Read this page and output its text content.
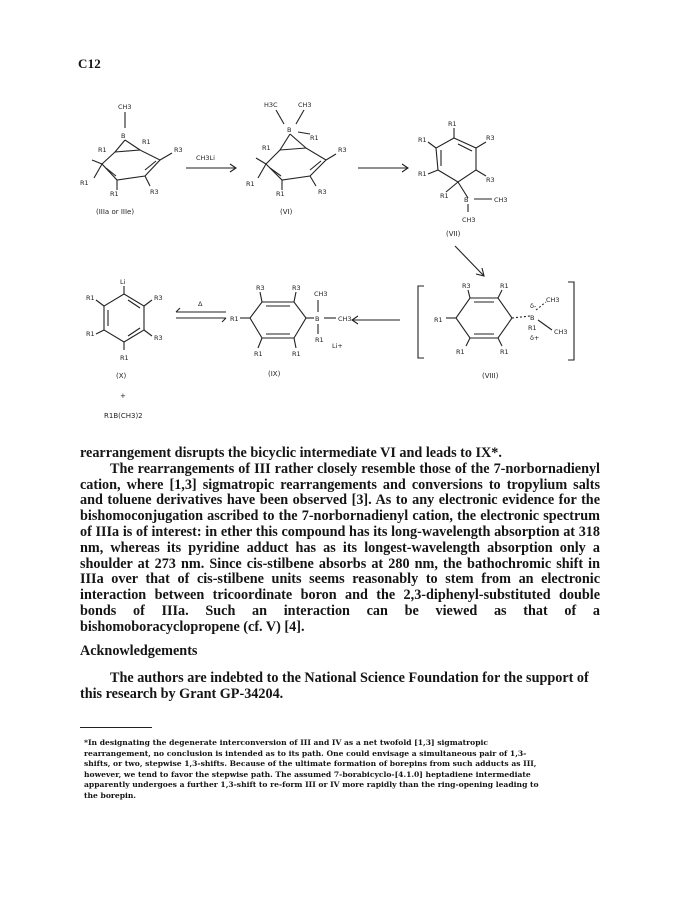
C12
CH3
B
R1
R1
R3
R1
R1	R3
(IIIa or IIIe)
CH3Li
H3C	CH3
B
R1
R1
R3
R1
R1	R3
(VI)
R1
R3
R1
R1
R3
R1 B	CH3
CH3
(VII)
Li
R1	R3
R1	R3
R1
(X)
+
R1B(CH3)2
Δ
R3	R3
R1
CH3
B	CH3
R1
Li+
R1	R1
(IX)
R3	R1
R1
δ-
CH3
B
R1	CH3
δ+
R1	R1
(VIII)

rearrangement disrupts the bicyclic intermediate VI and leads to IX*.

The rearrangements of III rather closely resemble those of the 7-norbornadienyl cation, where [1,3] sigmatropic rearrangements and conversions to tropylium salts and toluene derivatives have been observed [3]. As to any electronic evidence for the bishomoconjugation ascribed to the 7-norbornadienyl cation, the electronic spectrum of IIIa is of interest: in ether this compound has its long-wavelength absorption at 318 nm, whereas its pyridine adduct has as its longest-wavelength absorption only a shoulder at 273 nm. Since cis-stilbene absorbs at 280 nm, the bathochromic shift in IIIa over that of cis-stilbene units seems reasonably to stem from an electronic interaction between tricoordinate boron and the 2,3-diphenyl-substituted double bonds of IIIa. Such an interaction can be viewed as that of a bishomoboracyclopropene (cf. V) [4].

Acknowledgements
The authors are indebted to the National Science Foundation for the support of this research by Grant GP-34204.
*In designating the degenerate interconversion of III and IV as a net twofold [1,3] sigmatropic rearrangement, no conclusion is intended as to its path. One could envisage a simultaneous pair of 1,3-shifts, or two, stepwise 1,3-shifts. Because of the ultimate formation of borepins from such adducts as III, however, we tend to favor the stepwise path. The assumed 7-borabicyclo-[4.1.0] heptadiene intermediate apparently undergoes a further 1,3-shift to re-form III or IV more rapidly than the ring-opening leading to the borepin.
